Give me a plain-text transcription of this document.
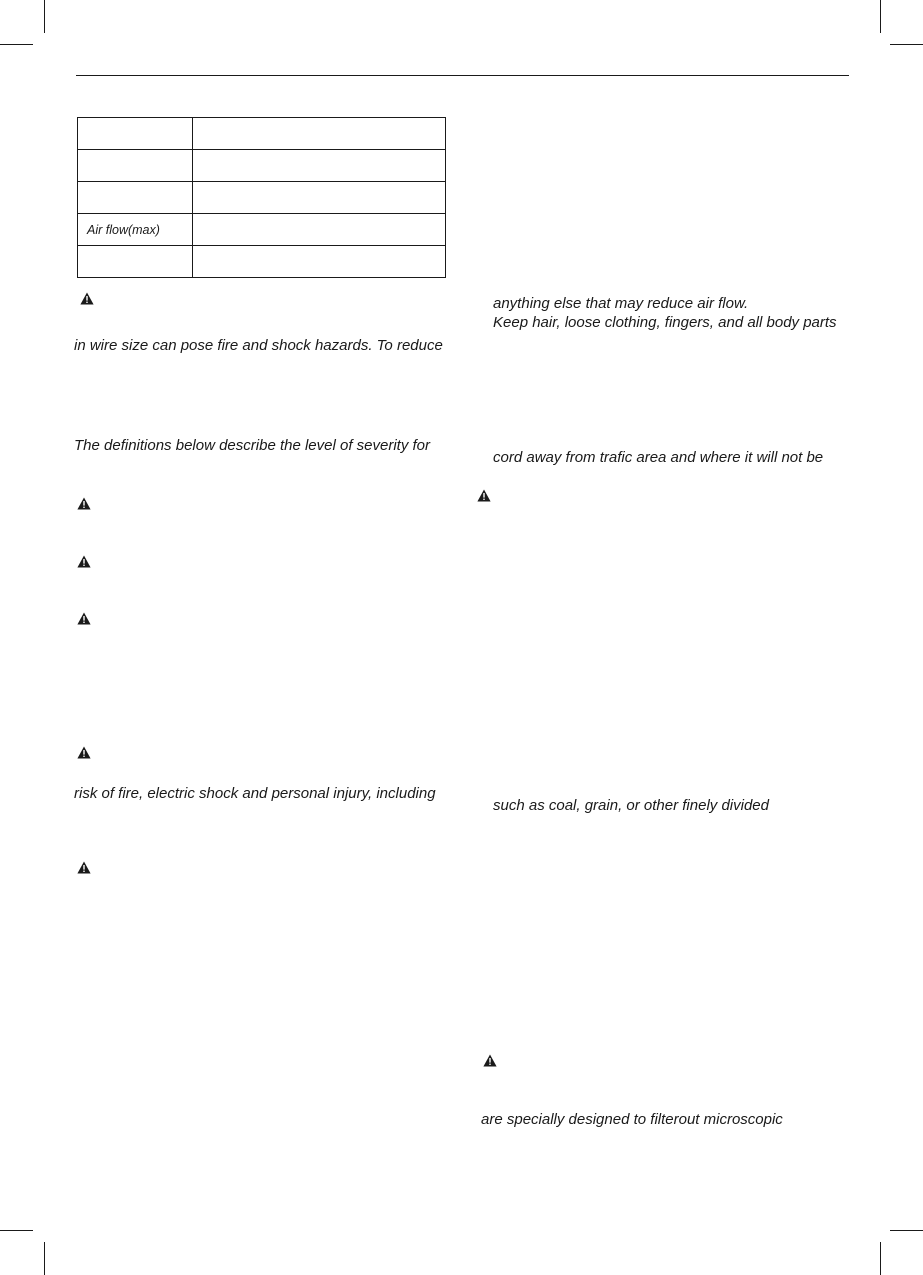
Air flow(max)	

in wire size can pose fire and shock hazards. To reduce
The definitions below describe the level of severity for
risk of fire, electric shock and personal injury, including
anything else that may reduce air flow.
Keep hair, loose clothing, fingers, and all body parts
cord away from trafic area and where it will not be
such as coal, grain, or other finely divided
are specially designed to filterout microscopic
